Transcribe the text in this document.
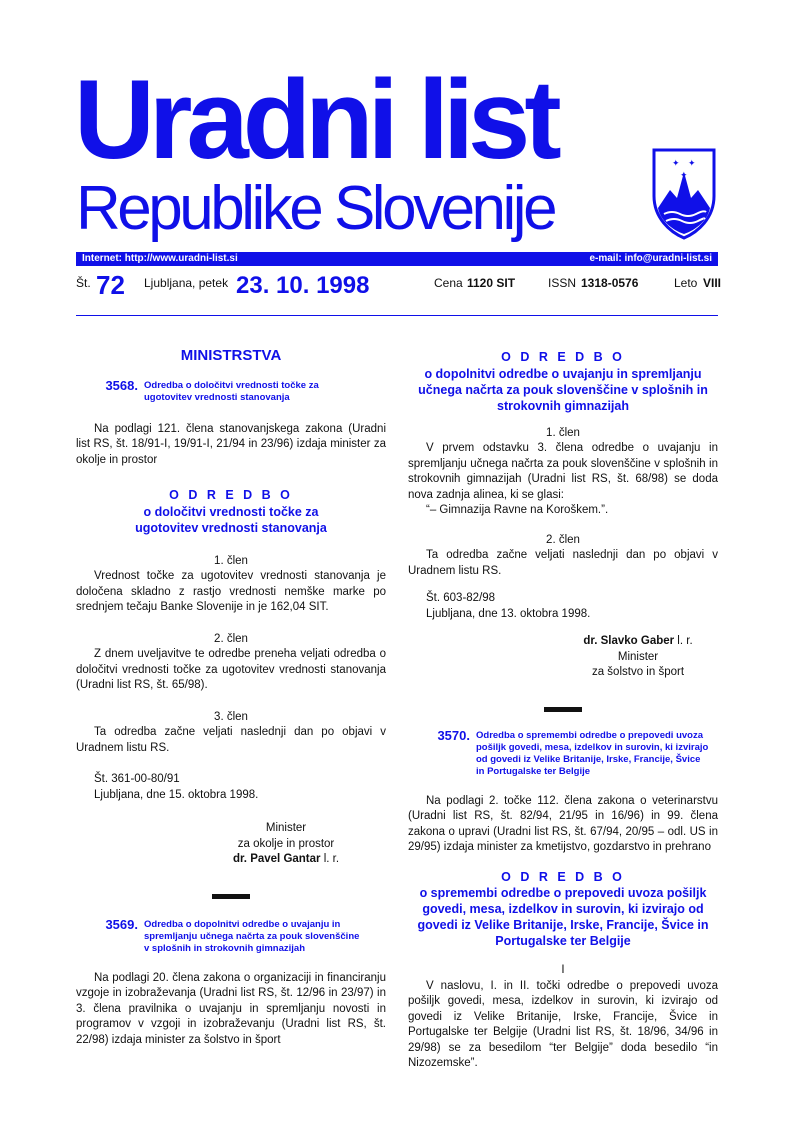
Uradni list
Republike Slovenije
✦ ✦
✦
Internet: http://www.uradni-list.si	e-mail: info@uradni-list.si
Št. 72 Ljubljana, petek 23. 10. 1998	Cena 1120 SIT	ISSN 1318-0576	Leto VIII
MINISTRSTVA
3568. Odredba o določitvi vrednosti točke za ugotovitev vrednosti stanovanja

Na podlagi 121. člena stanovanjskega zakona (Uradni list RS, št. 18/91-I, 19/91-I, 21/94 in 23/96) izdaja minister za okolje in prostor

O D R E D B O
o določitvi vrednosti točke za ugotovitev vrednosti stanovanja
1. člen

Vrednost točke za ugotovitev vrednosti stanovanja je določena skladno z rastjo vrednosti nemške marke po srednjem tečaju Banke Slovenije in je 162,04 SIT.

2. člen

Z dnem uveljavitve te odredbe preneha veljati odredba o določitvi vrednosti točke za ugotovitev vrednosti stanovanja (Uradni list RS, št. 65/98).

3. člen

Ta odredba začne veljati naslednji dan po objavi v Uradnem listu RS.

Št. 361-00-80/91
Ljubljana, dne 15. oktobra 1998.
Minister
za okolje in prostor
dr. Pavel Gantar l. r.
3569. Odredba o dopolnitvi odredbe o uvajanju in spremljanju učnega načrta za pouk slovenščine v splošnih in strokovnih gimnazijah

Na podlagi 20. člena zakona o organizaciji in financiranju vzgoje in izobraževanja (Uradni list RS, št. 12/96 in 23/97) in 3. člena pravilnika o uvajanju in spremljanju novosti in programov v vzgoji in izobraževanju (Uradni list RS, št. 22/98) izdaja minister za šolstvo in šport

O D R E D B O
o dopolnitvi odredbe o uvajanju in spremljanju učnega načrta za pouk slovenščine v splošnih in strokovnih gimnazijah
1. člen

V prvem odstavku 3. člena odredbe o uvajanju in spremljanju učnega načrta za pouk slovenščine v splošnih in strokovnih gimnazijah (Uradni list RS, št. 68/98) se doda nova zadnja alinea, ki se glasi:

“– Gimnazija Ravne na Koroškem.”.

2. člen

Ta odredba začne veljati naslednji dan po objavi v Uradnem listu RS.

Št. 603-82/98
Ljubljana, dne 13. oktobra 1998.
dr. Slavko Gaber l. r.
Minister
za šolstvo in šport
3570. Odredba o spremembi odredbe o prepovedi uvoza pošiljk govedi, mesa, izdelkov in surovin, ki izvirajo od govedi iz Velike Britanije, Irske, Francije, Švice in Portugalske ter Belgije

Na podlagi 2. točke 112. člena zakona o veterinarstvu (Uradni list RS, št. 82/94, 21/95 in 16/96) in 99. člena zakona o upravi (Uradni list RS, št. 67/94, 20/95 – odl. US in 29/95) izdaja minister za kmetijstvo, gozdarstvo in prehrano

O D R E D B O
o spremembi odredbe o prepovedi uvoza pošiljk govedi, mesa, izdelkov in surovin, ki izvirajo od govedi iz Velike Britanije, Irske, Francije, Švice in Portugalske ter Belgije
I

V naslovu, I. in II. točki odredbe o prepovedi uvoza pošiljk govedi, mesa, izdelkov in surovin, ki izvirajo od govedi iz Velike Britanije, Irske, Francije, Švice in Portugalske ter Belgije (Uradni list RS, št. 18/96, 34/96 in 29/98) se za besedilom “ter Belgije” doda besedilo “in Nizozemske”.
